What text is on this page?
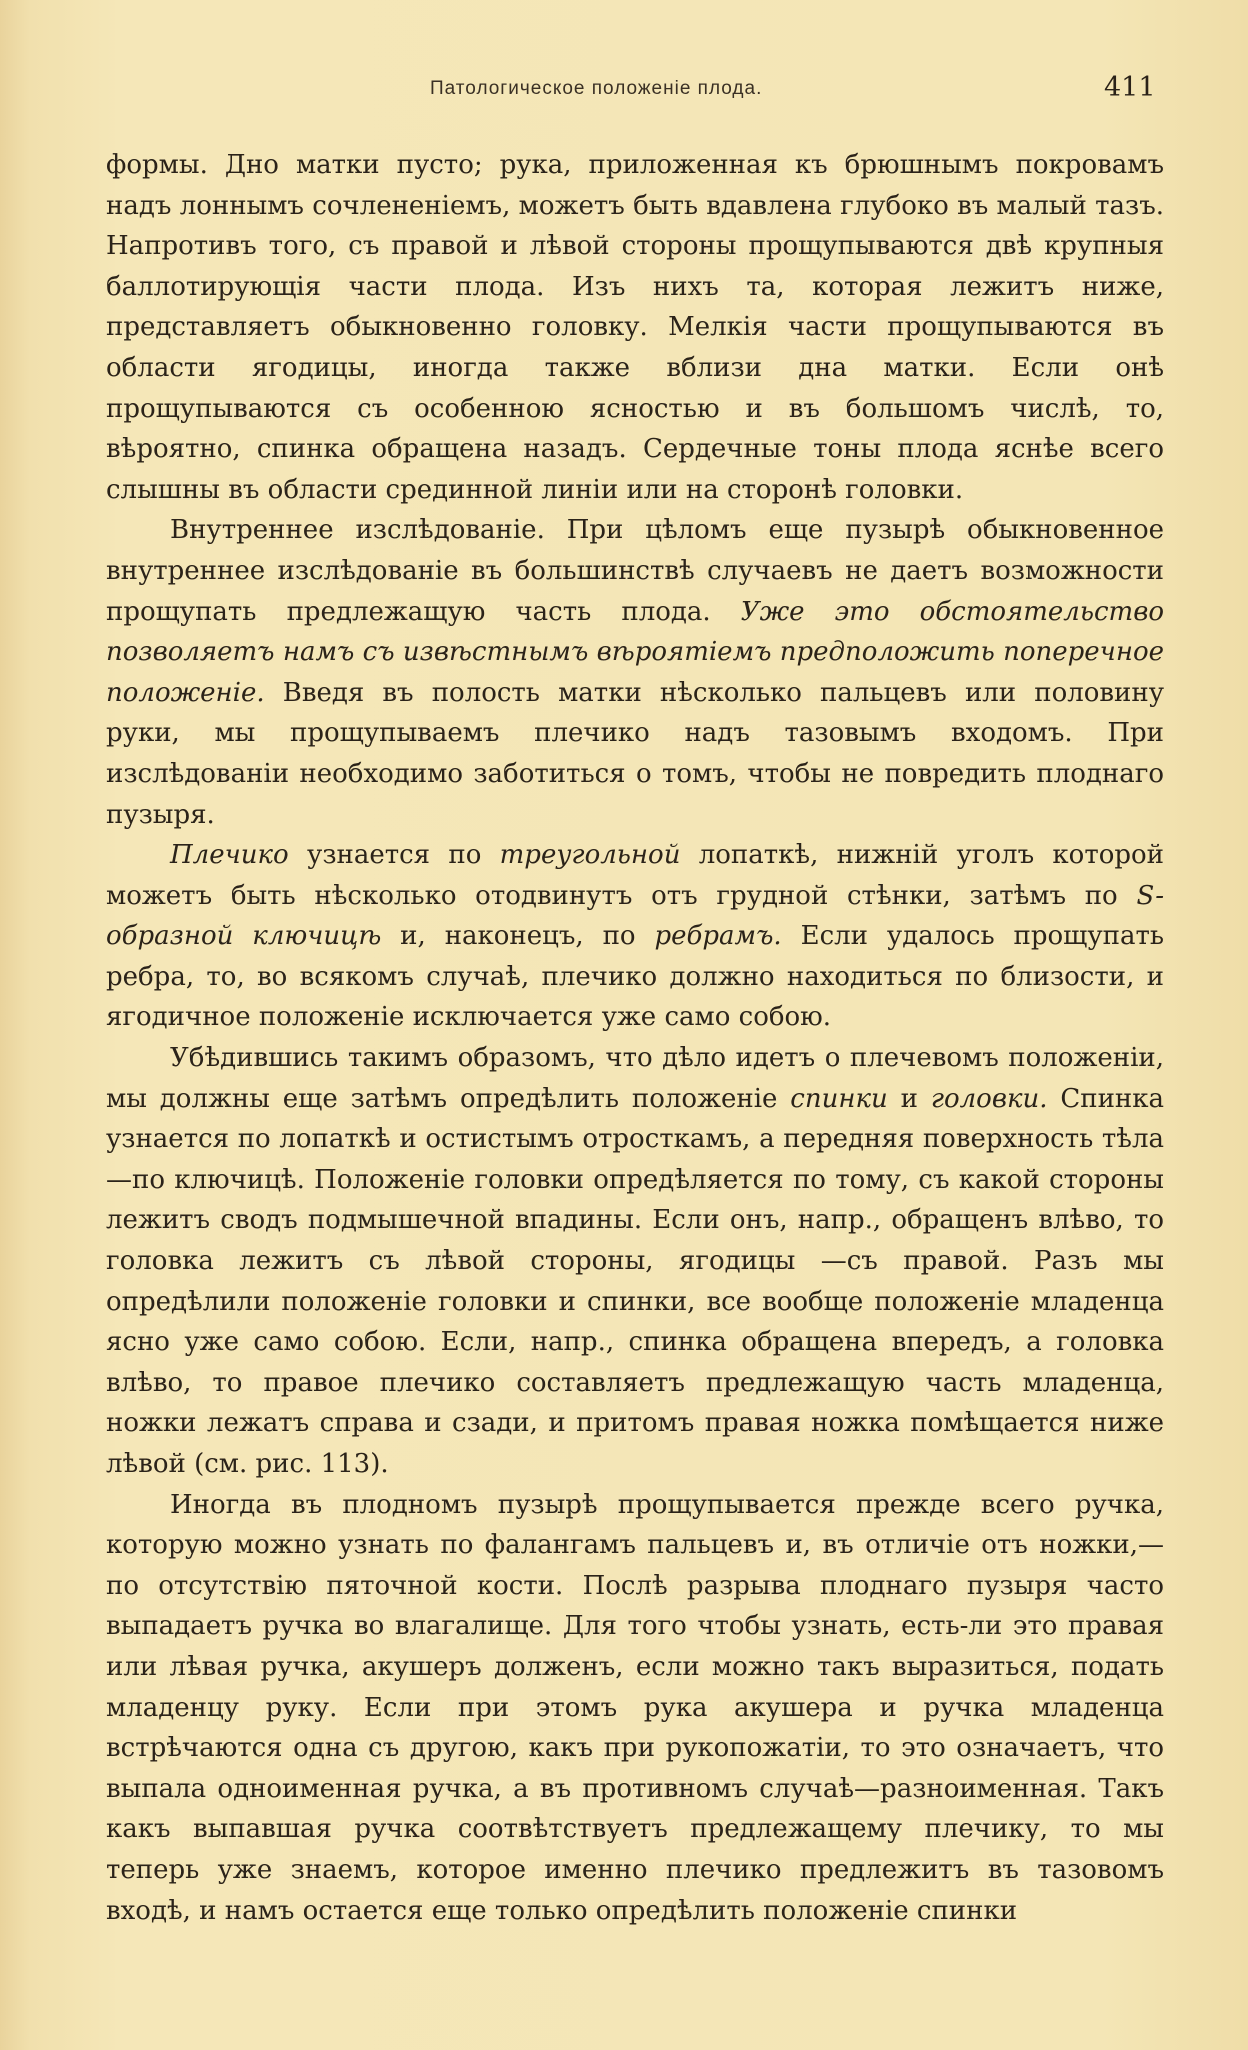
Патологическое положенiе плода.	411

формы. Дно матки пусто; рука, приложенная къ брюшнымъ покровамъ надъ лоннымъ сочлененiемъ, можетъ быть вдавлена глубоко въ малый тазъ. Напротивъ того, съ правой и лѣвой стороны прощупываются двѣ крупныя баллотирующiя части плода. Изъ нихъ та, которая лежитъ ниже, представляетъ обыкновенно головку. Мелкiя части прощупываются въ области ягодицы, иногда также вблизи дна матки. Если онѣ прощупываются съ особенною ясностью и въ большомъ числѣ, то, вѣроятно, спинка обращена назадъ. Сердечные тоны плода яснѣе всего слышны въ области срединной линiи или на сторонѣ головки.

Внутреннее изслѣдованiе. При цѣломъ еще пузырѣ обыкновенное внутреннее изслѣдованiе въ большинствѣ случаевъ не даетъ возможности прощупать предлежащую часть плода. Уже это обстоятельство позволяетъ намъ съ извѣстнымъ вѣроятiемъ предположить поперечное положенiе. Введя въ полость матки нѣсколько пальцевъ или половину руки, мы прощупываемъ плечико надъ тазовымъ входомъ. При изслѣдованiи необходимо заботиться о томъ, чтобы не повредить плоднаго пузыря.

Плечико узнается по треугольной лопаткѣ, нижнiй уголъ которой можетъ быть нѣсколько отодвинутъ отъ грудной стѣнки, затѣмъ по S-образной ключицѣ и, наконецъ, по ребрамъ. Если удалось прощупать ребра, то, во всякомъ случаѣ, плечико должно находиться по близости, и ягодичное положенiе исключается уже само собою.

Убѣдившись такимъ образомъ, что дѣло идетъ о плечевомъ положенiи, мы должны еще затѣмъ опредѣлить положенiе спинки и головки. Спинка узнается по лопаткѣ и остистымъ отросткамъ, а передняя поверхность тѣла—по ключицѣ. Положенiе головки опредѣляется по тому, съ какой стороны лежитъ сводъ подмышечной впадины. Если онъ, напр., обращенъ влѣво, то головка лежитъ съ лѣвой стороны, ягодицы —съ правой. Разъ мы опредѣлили положенiе головки и спинки, все вообще положенiе младенца ясно уже само собою. Если, напр., спинка обращена впередъ, а головка влѣво, то правое плечико составляетъ предлежащую часть младенца, ножки лежатъ справа и сзади, и притомъ правая ножка помѣщается ниже лѣвой (см. рис. 113).

Иногда въ плодномъ пузырѣ прощупывается прежде всего ручка, которую можно узнать по фалангамъ пальцевъ и, въ отличiе отъ ножки,— по отсутствiю пяточной кости. Послѣ разрыва плоднаго пузыря часто выпадаетъ ручка во влагалище. Для того чтобы узнать, есть-ли это правая или лѣвая ручка, акушеръ долженъ, если можно такъ выразиться, подать младенцу руку. Если при этомъ рука акушера и ручка младенца встрѣчаются одна съ другою, какъ при рукопожатiи, то это означаетъ, что выпала одноименная ручка, а въ противномъ случаѣ—разноименная. Такъ какъ выпавшая ручка соотвѣтствуетъ предлежащему плечику, то мы теперь уже знаемъ, которое именно плечико предлежитъ въ тазовомъ входѣ, и намъ остается еще только опредѣлить положенiе спинки
